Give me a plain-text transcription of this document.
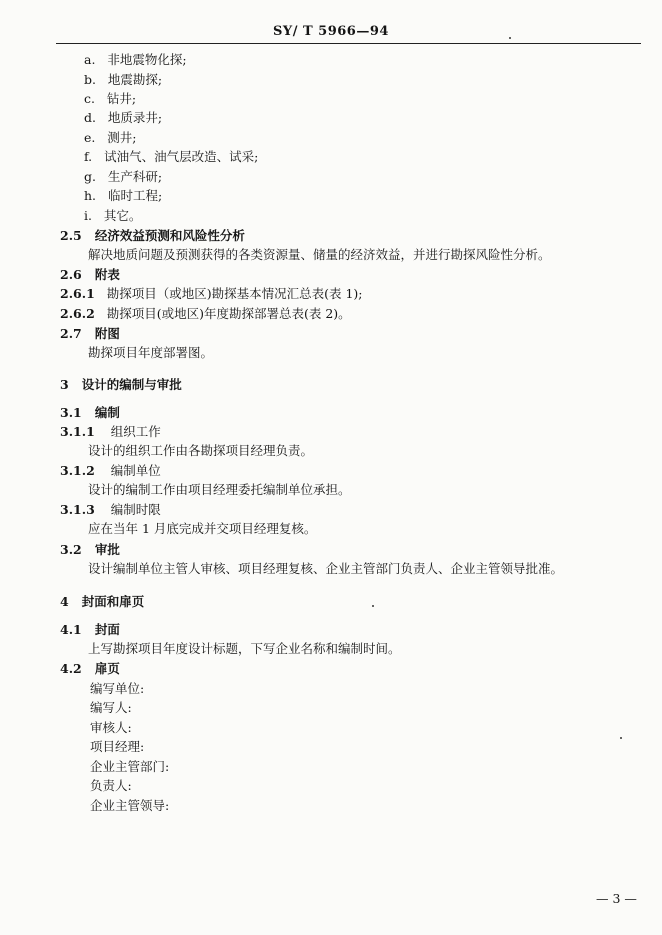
SY/ T 5966—94
a. 非地震物化探;
b. 地震勘探;
c. 钻井;
d. 地质录井;
e. 测井;
f. 试油气、油气层改造、试采;
g. 生产科研;
h. 临时工程;
i. 其它。
2.5 经济效益预测和风险性分析
解决地质问题及预测获得的各类资源量、储量的经济效益，并进行勘探风险性分析。
2.6 附表
2.6.1 勘探项目（或地区)勘探基本情况汇总表(表 1);
2.6.2 勘探项目(或地区)年度勘探部署总表(表 2)。
2.7 附图
勘探项目年度部署图。
3 设计的编制与审批
3.1 编制
3.1.1 组织工作
设计的组织工作由各勘探项目经理负责。
3.1.2 编制单位
设计的编制工作由项目经理委托编制单位承担。
3.1.3 编制时限
应在当年 1 月底完成并交项目经理复核。
3.2 审批
设计编制单位主管人审核、项目经理复核、企业主管部门负责人、企业主管领导批准。
4 封面和扉页
4.1 封面
上写勘探项目年度设计标题，下写企业名称和编制时间。
4.2 扉页
编写单位:
编写人:
审核人:
项目经理:
企业主管部门:
负责人:
企业主管领导:
— 3 —
